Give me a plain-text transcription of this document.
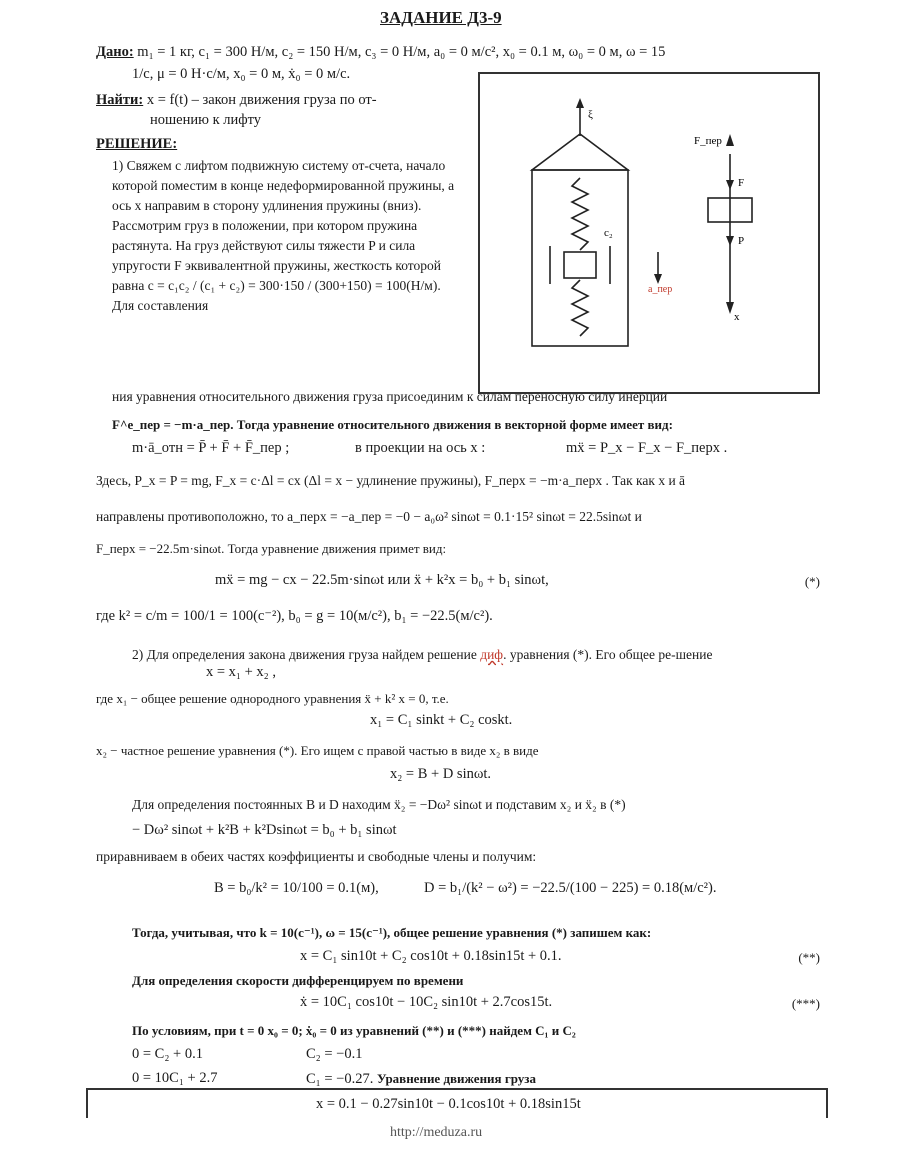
ЗАДАНИЕ Д3-9
Дано: m₁ = 1 кг, c₁ = 300 Н/м, c₂ = 150 Н/м, c₃ = 0 Н/м, a₀ = 0 м/с², x₀ = 0.1 м, ω₀ = 0 м, ω = 15
1/с, μ = 0 Н·с/м, x₀ = 0 м, ẋ₀ = 0 м/с.
Найти: x = f(t) – закон движения груза по от-
ношению к лифту
РЕШЕНИЕ:
1) Свяжем с лифтом подвижную систему от-счета, начало которой поместим в конце недеформированной пружины, а ось x направим в сторону удлинения пружины (вниз). Рассмотрим груз в положении, при котором пружина растянута. На груз действуют силы тяжести P и сила упругости F эквивалентной пружины, жесткость которой равна c = c₁c₂ / (c₁ + c₂) = 300·150 / (300+150) = 100(Н/м). Для составления
ξ
c₂
a_пер
F_пер
F
P
x
ния уравнения относительного движения груза присоединим к силам переносную силу инерции
F^e_пер = −m·a_пер. Тогда уравнение относительного движения в векторной форме имеет вид:
m·ā_отн = P̄ + F̄ + F̄_пер ;	в проекции на ось x :	mẍ = P_x − F_x − F_перx .
Здесь, P_x = P = mg, F_x = c·Δl = cx (Δl = x − удлинение пружины), F_перx = −m·a_перx . Так как x и ā
направлены противоположно, то a_перx = −a_пер = −0 − a₀ω² sinωt = 0.1·15² sinωt = 22.5sinωt и
F_перx = −22.5m·sinωt. Тогда уравнение движения примет вид:
mẍ = mg − cx − 22.5m·sinωt или ẍ + k²x = b₀ + b₁ sinωt,	(*)
где k² = c/m = 100/1 = 100(с⁻²), b₀ = g = 10(м/с²), b₁ = −22.5(м/с²).
2) Для определения закона движения груза найдем решение диф. уравнения (*). Его общее ре-шение
x = x₁ + x₂ ,
где x₁ − общее решение однородного уравнения ẍ + k² x = 0, т.е.
x₁ = C₁ sinkt + C₂ coskt.
x₂ − частное решение уравнения (*). Его ищем с правой частью в виде x₂ в виде
x₂ = B + D sinωt.
Для определения постоянных B и D находим ẍ₂ = −Dω² sinωt и подставим x₂ и ẍ₂ в (*)
− Dω² sinωt + k²B + k²Dsinωt = b₀ + b₁ sinωt
приравниваем в обеих частях коэффициенты и свободные члены и получим:
B = b₀/k² = 10/100 = 0.1(м),	D = b₁/(k² − ω²) = −22.5/(100 − 225) = 0.18(м/с²).
Тогда, учитывая, что k = 10(с⁻¹), ω = 15(с⁻¹), общее решение уравнения (*) запишем как:
x = C₁ sin10t + C₂ cos10t + 0.18sin15t + 0.1.	(**)
Для определения скорости дифференцируем по времени
ẋ = 10C₁ cos10t − 10C₂ sin10t + 2.7cos15t.	(***)
По условиям, при t = 0 x₀ = 0; ẋ₀ = 0 из уравнений (**) и (***) найдем C₁ и C₂
0 = C₂ + 0.1	C₂ = −0.1
0 = 10C₁ + 2.7	C₁ = −0.27. Уравнение движения груза
x = 0.1 − 0.27sin10t − 0.1cos10t + 0.18sin15t
http://meduza.ru
